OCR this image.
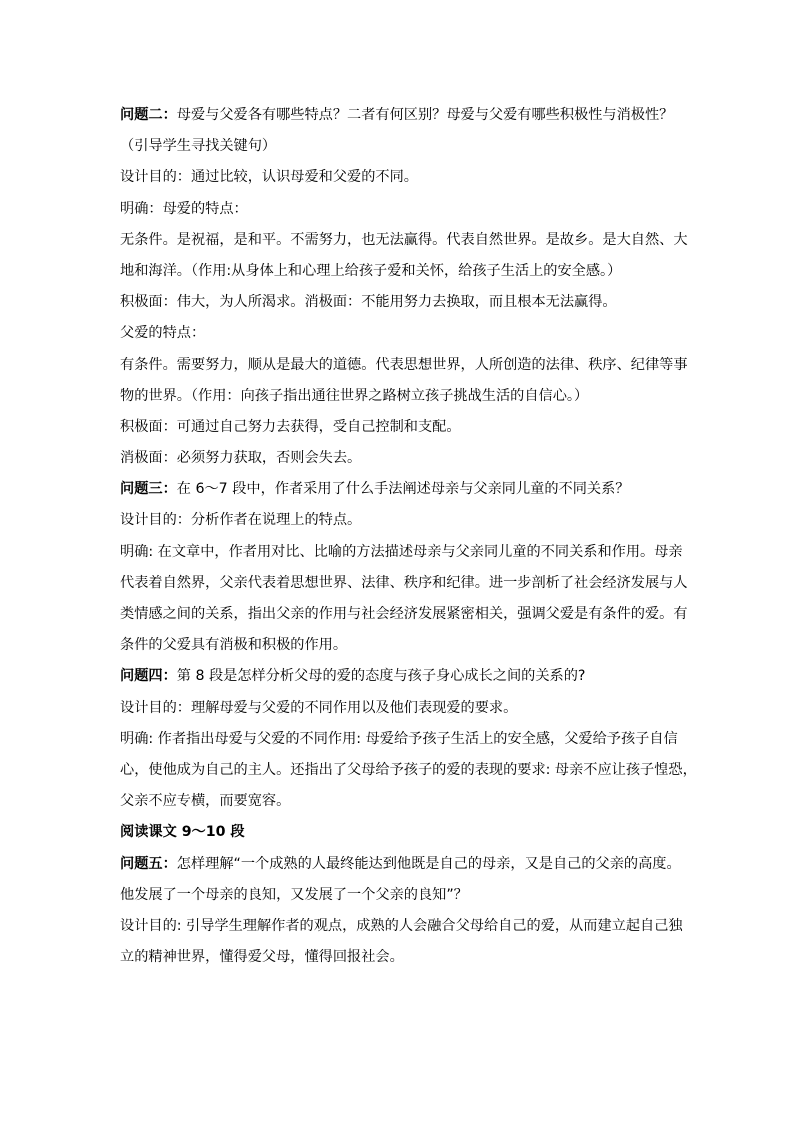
问题二：母爱与父爱各有哪些特点？二者有何区别？母爱与父爱有哪些积极性与消极性？
（引导学生寻找关键句）
设计目的：通过比较，认识母爱和父爱的不同。
明确：母爱的特点：
无条件。是祝福，是和平。不需努力，也无法赢得。代表自然世界。是故乡。是大自然、大
地和海洋。（作用:从身体上和心理上给孩子爱和关怀，给孩子生活上的安全感。）
积极面：伟大，为人所渴求。消极面：不能用努力去换取，而且根本无法赢得。
父爱的特点：
有条件。需要努力，顺从是最大的道德。代表思想世界，人所创造的法律、秩序、纪律等事
物的世界。（作用：向孩子指出通往世界之路树立孩子挑战生活的自信心。）
积极面：可通过自己努力去获得，受自己控制和支配。
消极面：必须努力获取，否则会失去。
问题三：在 6～7 段中，作者采用了什么手法阐述母亲与父亲同儿童的不同关系？
设计目的：分析作者在说理上的特点。
明确: 在文章中，作者用对比、比喻的方法描述母亲与父亲同儿童的不同关系和作用。母亲
代表着自然界，父亲代表着思想世界、法律、秩序和纪律。进一步剖析了社会经济发展与人
类情感之间的关系，指出父亲的作用与社会经济发展紧密相关，强调父爱是有条件的爱。有
条件的父爱具有消极和积极的作用。
问题四：第 8 段是怎样分析父母的爱的态度与孩子身心成长之间的关系的?
设计目的：理解母爱与父爱的不同作用以及他们表现爱的要求。
明确: 作者指出母爱与父爱的不同作用: 母爱给予孩子生活上的安全感，父爱给予孩子自信
心，使他成为自己的主人。还指出了父母给予孩子的爱的表现的要求: 母亲不应让孩子惶恐，
父亲不应专横，而要宽容。
阅读课文 9～10 段
问题五：怎样理解“一个成熟的人最终能达到他既是自己的母亲，又是自己的父亲的高度。
他发展了一个母亲的良知，又发展了一个父亲的良知”？
设计目的: 引导学生理解作者的观点，成熟的人会融合父母给自己的爱，从而建立起自己独
立的精神世界，懂得爱父母，懂得回报社会。
